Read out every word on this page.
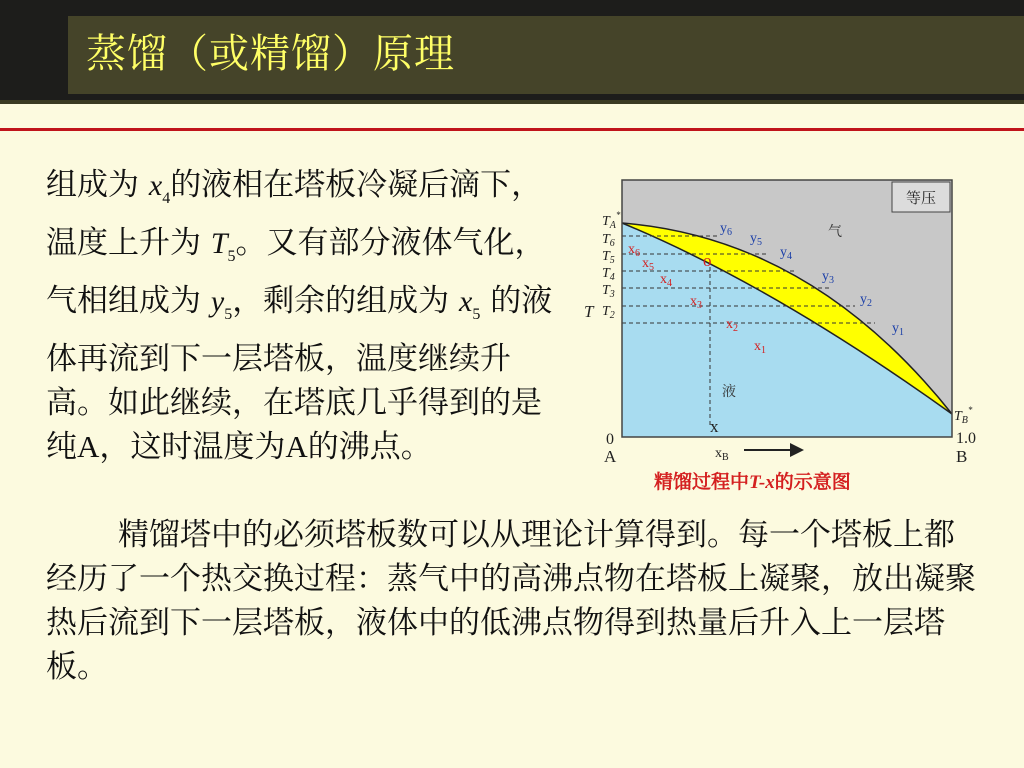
蒸馏（或精馏）原理
组成为 $x_4$的液相在塔板冷凝后滴下，温度上升为 $T_5$。又有部分液体气化，气相组成为 $y_5$，剩余的组成为 $x_5$ 的液体再流到下一层塔板，温度继续升高。如此继续，在塔底几乎得到的是纯A，这时温度为A的沸点。
精馏塔中的必须塔板数可以从理论计算得到。每一个塔板上都经历了一个热交换过程：蒸气中的高沸点物在塔板上凝聚，放出凝聚热后流到下一层塔板，液体中的低沸点物得到热量后升入上一层塔板。
等压
气
液
$T_A^*$
$T_6$
$T_5$
$T_4$
$T_3$
$T_2$
T
$y_6$ $y_5$
$y_4$
$y_3$
$y_2$
$y_1$
$x_6$
$x_5$
$x_4$
$x_3$
$x_2$
$x_1$
o
x
$T_B^*$
0	1.0
A	B
$x_B$
精馏过程中T-x的示意图
